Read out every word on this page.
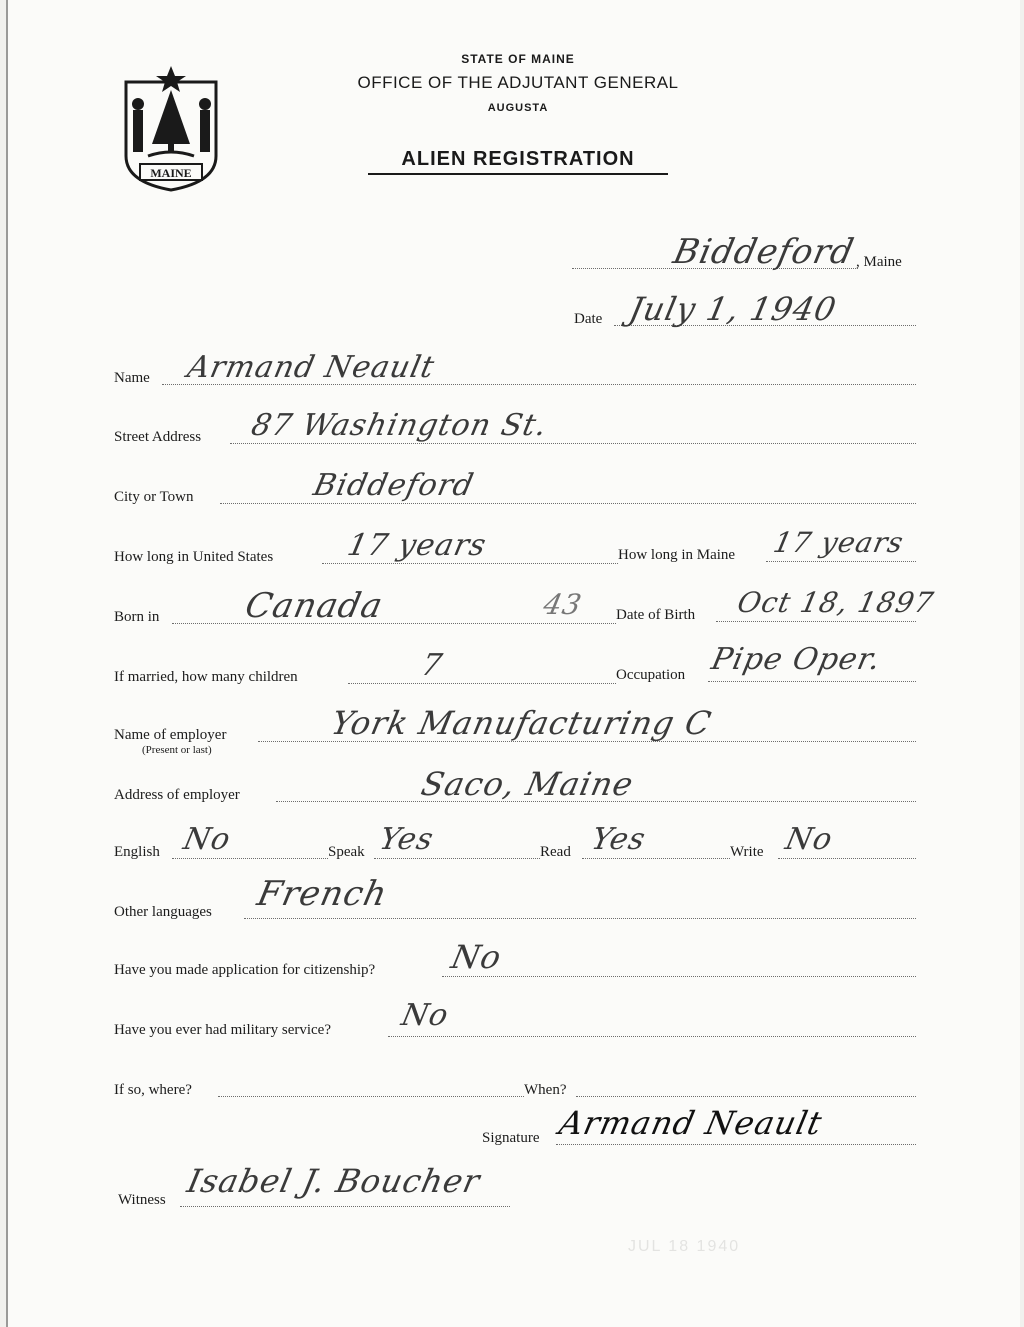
MAINE
STATE OF MAINE
OFFICE OF THE ADJUTANT GENERAL
AUGUSTA
ALIEN REGISTRATION
Biddeford
, Maine
Date July 1, 1940
Name Armand Neault
Street Address 87 Washington St.
City or Town	Biddeford
How long in United States 17 years	How long in Maine 17 years
Born in Canada	43 Date of Birth Oct 18, 1897
If married, how many children	7	Occupation Pipe Oper.
Name of employer
(Present or last)
York Manufacturing C
Address of employer	Saco, Maine
English No	Speak Yes	Read Yes	Write No
Other languages French
Have you made application for citizenship? No
Have you ever had military service? No
If so, where?	When?
Signature Armand Neault
Witness Isabel J. Boucher
JUL 18 1940
